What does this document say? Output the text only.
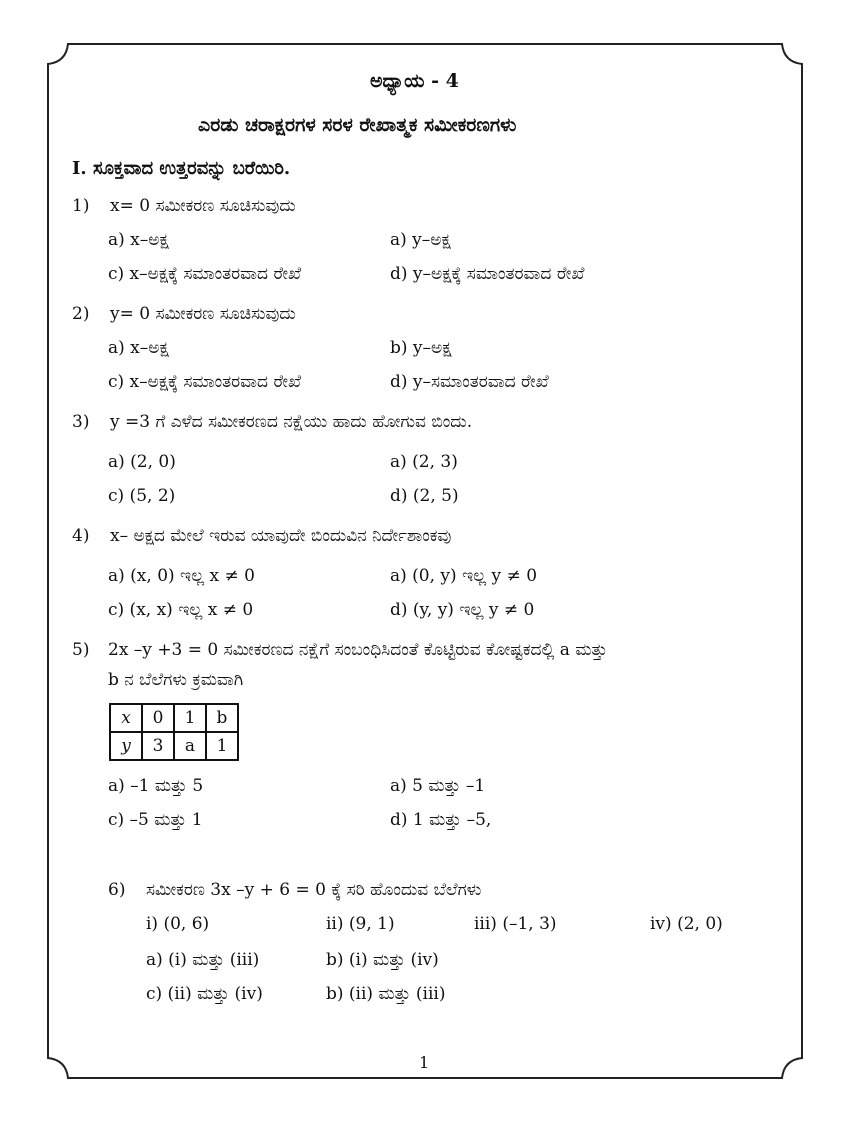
ಅಧ್ಯಾಯ - 4
ಎರಡು ಚರಾಕ್ಷರಗಳ ಸರಳ ರೇಖಾತ್ಮಕ ಸಮೀಕರಣಗಳು
I. ಸೂಕ್ತವಾದ ಉತ್ತರವನ್ನು ಬರೆಯಿರಿ.
1) x= 0 ಸಮೀಕರಣ ಸೂಚಿಸುವುದು
a) x–ಅಕ್ಷ	a) y–ಅಕ್ಷ
c) x–ಅಕ್ಷಕ್ಕೆ ಸಮಾಂತರವಾದ ರೇಖೆ	d) y–ಅಕ್ಷಕ್ಕೆ ಸಮಾಂತರವಾದ ರೇಖೆ
2) y= 0 ಸಮೀಕರಣ ಸೂಚಿಸುವುದು
a) x–ಅಕ್ಷ	b) y–ಅಕ್ಷ
c) x–ಅಕ್ಷಕ್ಕೆ ಸಮಾಂತರವಾದ ರೇಖೆ	d) y–ಸಮಾಂತರವಾದ ರೇಖೆ
3) y =3 ಗೆ ಎಳೆದ ಸಮೀಕರಣದ ನಕ್ಷೆಯು ಹಾದು ಹೋಗುವ ಬಿಂದು.
a) (2, 0)	a) (2, 3)
c) (5, 2)	d) (2, 5)
4) x– ಅಕ್ಷದ ಮೇಲೆ ಇರುವ ಯಾವುದೇ ಬಿಂದುವಿನ ನಿರ್ದೇಶಾಂಕವು
a) (x, 0) ಇಲ್ಲ x ≠ 0	a) (0, y) ಇಲ್ಲ y ≠ 0
c) (x, x) ಇಲ್ಲ x ≠ 0	d) (y, y) ಇಲ್ಲ y ≠ 0
5) 2x –y +3 = 0 ಸಮೀಕರಣದ ನಕ್ಷೆಗೆ ಸಂಬಂಧಿಸಿದಂತೆ ಕೊಟ್ಟಿರುವ ಕೋಷ್ಟಕದಲ್ಲಿ a ಮತ್ತು
b ನ ಬೆಲೆಗಳು ಕ್ರಮವಾಗಿ
x	0	1	b
y	3	a	1
a) –1 ಮತ್ತು 5	a) 5 ಮತ್ತು –1
c) –5 ಮತ್ತು 1	d) 1 ಮತ್ತು –5,
6) ಸಮೀಕರಣ 3x –y + 6 = 0 ಕ್ಕೆ ಸರಿ ಹೊಂದುವ ಬೆಲೆಗಳು
i) (0, 6)	ii) (9, 1)	iii) (–1, 3)	iv) (2, 0)
a) (i) ಮತ್ತು (iii)	b) (i) ಮತ್ತು (iv)
c) (ii) ಮತ್ತು (iv)	b) (ii) ಮತ್ತು (iii)
1
